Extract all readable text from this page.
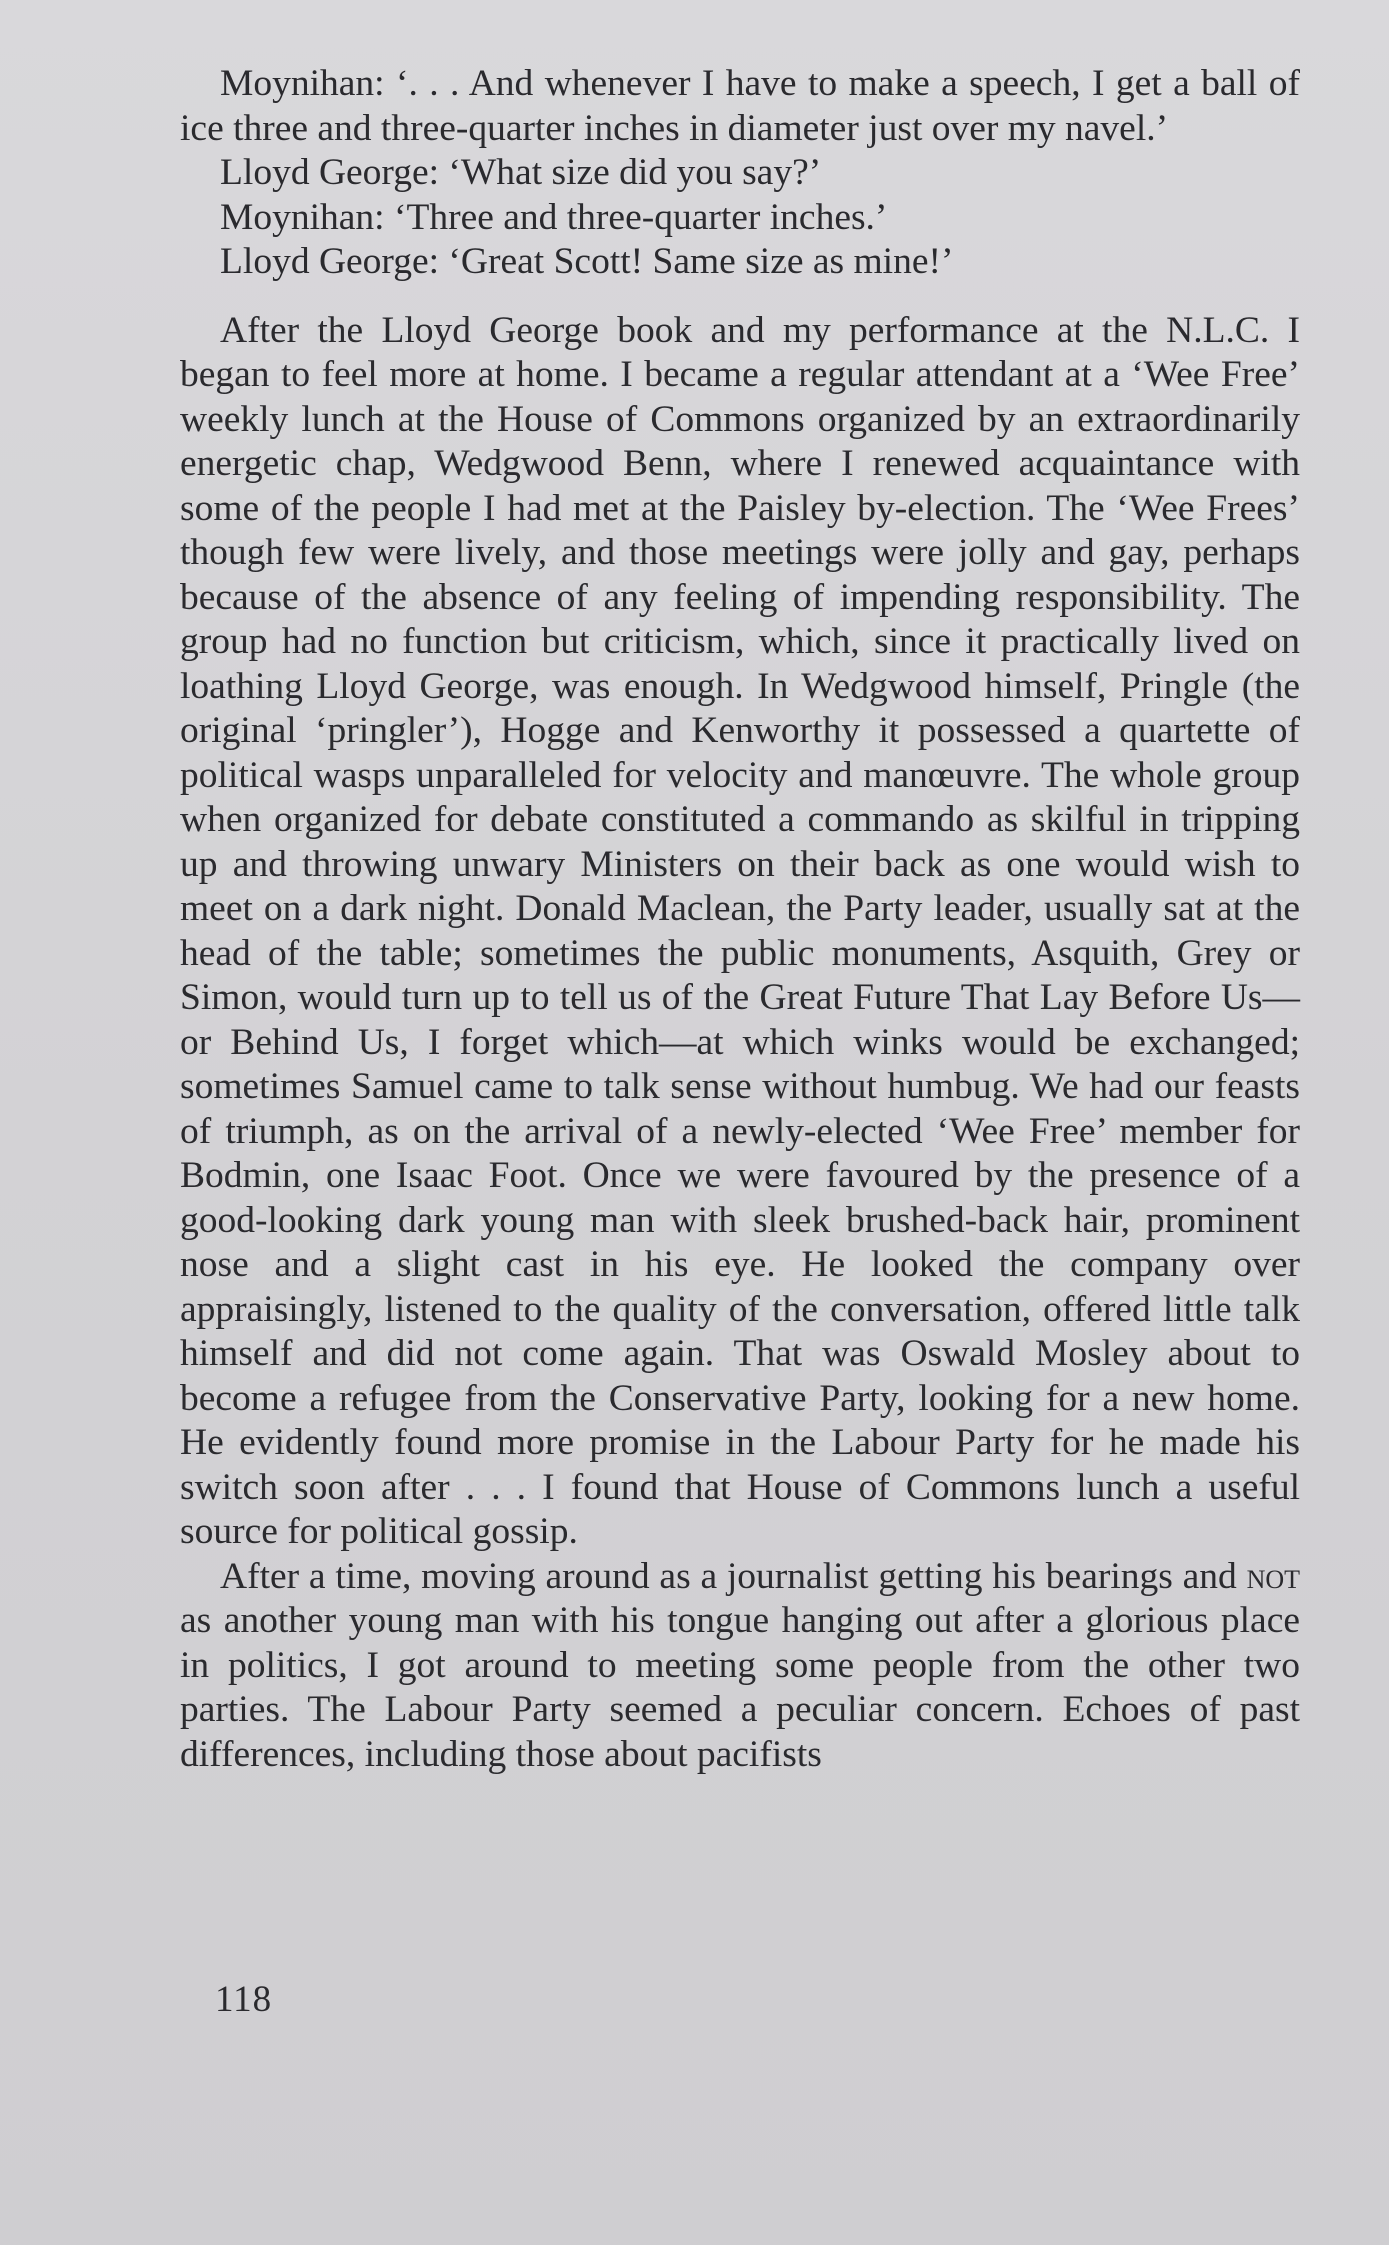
Moynihan: ‘. . . And whenever I have to make a speech, I get a ball of ice three and three-quarter inches in diameter just over my navel.’

Lloyd George: ‘What size did you say?’

Moynihan: ‘Three and three-quarter inches.’

Lloyd George: ‘Great Scott! Same size as mine!’

After the Lloyd George book and my performance at the N.L.C. I began to feel more at home. I became a regular attendant at a ‘Wee Free’ weekly lunch at the House of Commons organized by an extraordinarily energetic chap, Wedgwood Benn, where I renewed acquaintance with some of the people I had met at the Paisley by-election. The ‘Wee Frees’ though few were lively, and those meetings were jolly and gay, perhaps because of the absence of any feeling of impending responsibility. The group had no function but criticism, which, since it practically lived on loathing Lloyd George, was enough. In Wedgwood himself, Pringle (the original ‘pringler’), Hogge and Kenworthy it possessed a quartette of political wasps unparalleled for velocity and manœuvre. The whole group when organized for debate constituted a commando as skilful in tripping up and throwing unwary Ministers on their back as one would wish to meet on a dark night. Donald Maclean, the Party leader, usually sat at the head of the table; sometimes the public monuments, Asquith, Grey or Simon, would turn up to tell us of the Great Future That Lay Before Us—or Behind Us, I forget which—at which winks would be exchanged; sometimes Samuel came to talk sense without humbug. We had our feasts of triumph, as on the arrival of a newly-elected ‘Wee Free’ member for Bodmin, one Isaac Foot. Once we were favoured by the presence of a good-looking dark young man with sleek brushed-back hair, prominent nose and a slight cast in his eye. He looked the company over appraisingly, listened to the quality of the conversation, offered little talk himself and did not come again. That was Oswald Mosley about to become a refugee from the Conservative Party, looking for a new home. He evidently found more promise in the Labour Party for he made his switch soon after . . . I found that House of Commons lunch a useful source for political gossip.

After a time, moving around as a journalist getting his bearings and not as another young man with his tongue hanging out after a glorious place in politics, I got around to meeting some people from the other two parties. The Labour Party seemed a peculiar concern. Echoes of past differences, including those about pacifists

118
